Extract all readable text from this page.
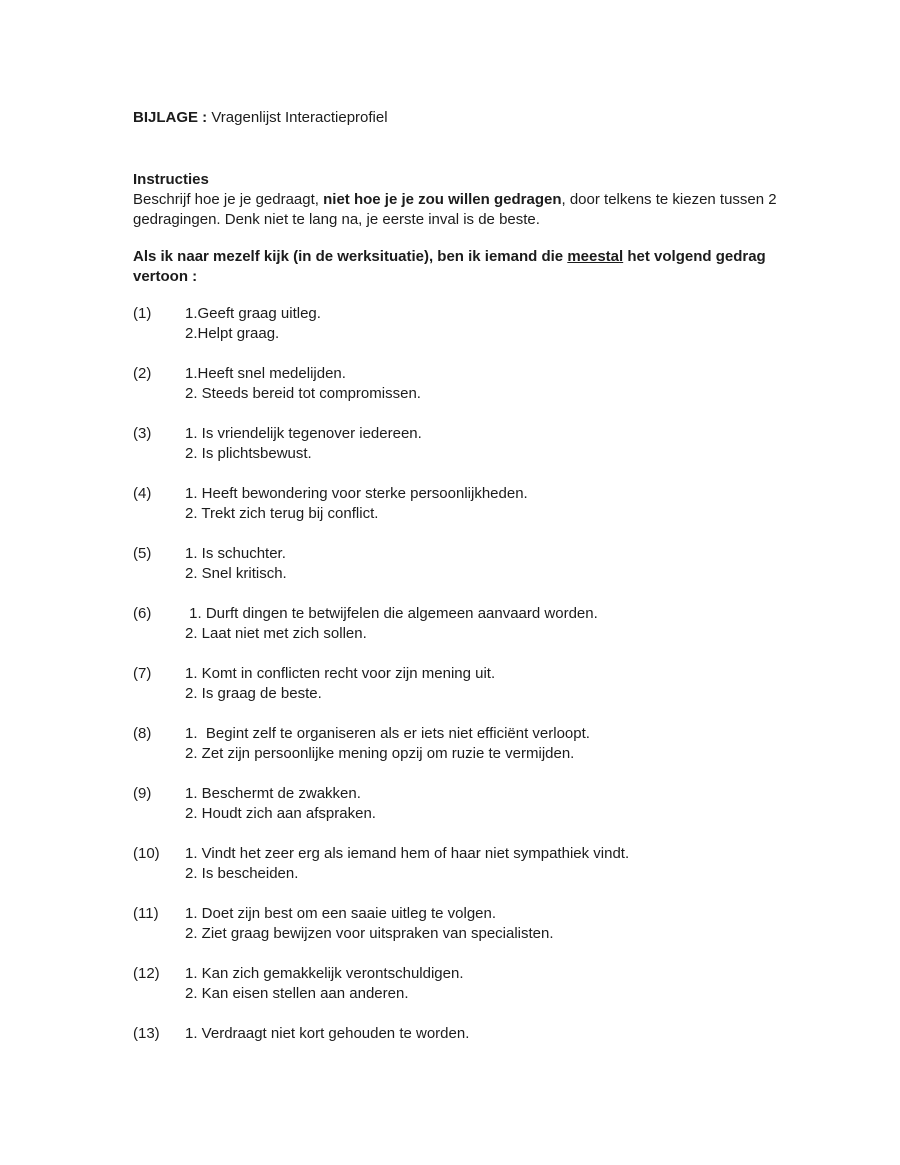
BIJLAGE : Vragenlijst Interactieprofiel
Instructies
Beschrijf hoe je je gedraagt, niet hoe je je zou willen gedragen, door telkens te kiezen tussen 2
gedragingen. Denk niet te lang na, je eerste inval is de beste.
Als ik naar mezelf kijk (in de werksituatie), ben ik iemand die meestal het volgend gedrag
vertoon :
(1)	1.Geeft graag uitleg.
2.Helpt graag.
(2)	1.Heeft snel medelijden.
2. Steeds bereid tot compromissen.
(3)	1. Is vriendelijk tegenover iedereen.
2. Is plichtsbewust.
(4)	1. Heeft bewondering voor sterke persoonlijkheden.
2. Trekt zich terug bij conflict.
(5)	1. Is schuchter.
2. Snel kritisch.
(6)	1. Durft dingen te betwijfelen die algemeen aanvaard worden.
2. Laat niet met zich sollen.
(7)	1. Komt in conflicten recht voor zijn mening uit.
2. Is graag de beste.
(8)	1.  Begint zelf te organiseren als er iets niet efficiënt verloopt.
2. Zet zijn persoonlijke mening opzij om ruzie te vermijden.
(9)	1. Beschermt de zwakken.
2. Houdt zich aan afspraken.
(10)	1. Vindt het zeer erg als iemand hem of haar niet sympathiek vindt.
2. Is bescheiden.
(11)	1. Doet zijn best om een saaie uitleg te volgen.
2. Ziet graag bewijzen voor uitspraken van specialisten.
(12)	1. Kan zich gemakkelijk verontschuldigen.
2. Kan eisen stellen aan anderen.
(13)	1. Verdraagt niet kort gehouden te worden.
